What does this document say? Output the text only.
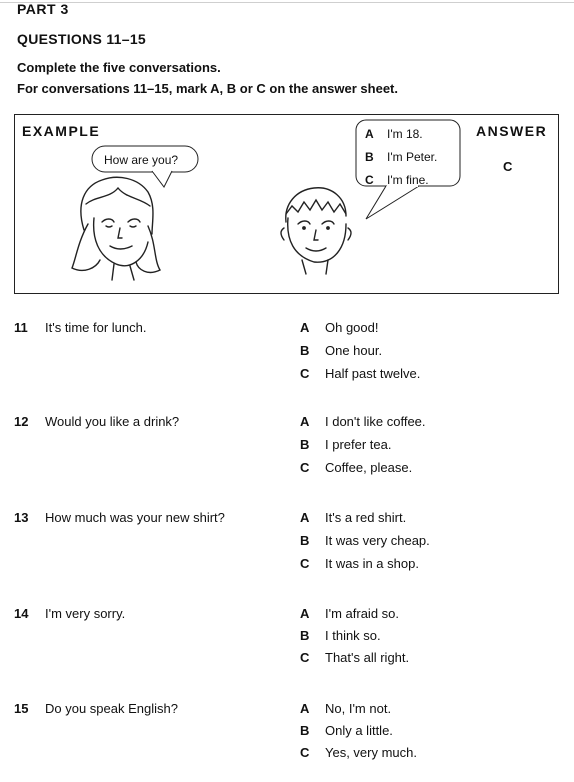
PART 3
QUESTIONS 11–15
Complete the five conversations.
For conversations 11–15, mark A, B or C on the answer sheet.
EXAMPLE
How are you?
A I'm 18.
B I'm Peter.
C I'm fine.
ANSWER
C
11 It's time for lunch.	A Oh good!
B One hour.
C Half past twelve.
12 Would you like a drink?	A I don't like coffee.
B I prefer tea.
C Coffee, please.
13 How much was your new shirt?	A It's a red shirt.
B It was very cheap.
C It was in a shop.
14 I'm very sorry.	A I'm afraid so.
B I think so.
C That's all right.
15 Do you speak English?	A No, I'm not.
B Only a little.
C Yes, very much.
